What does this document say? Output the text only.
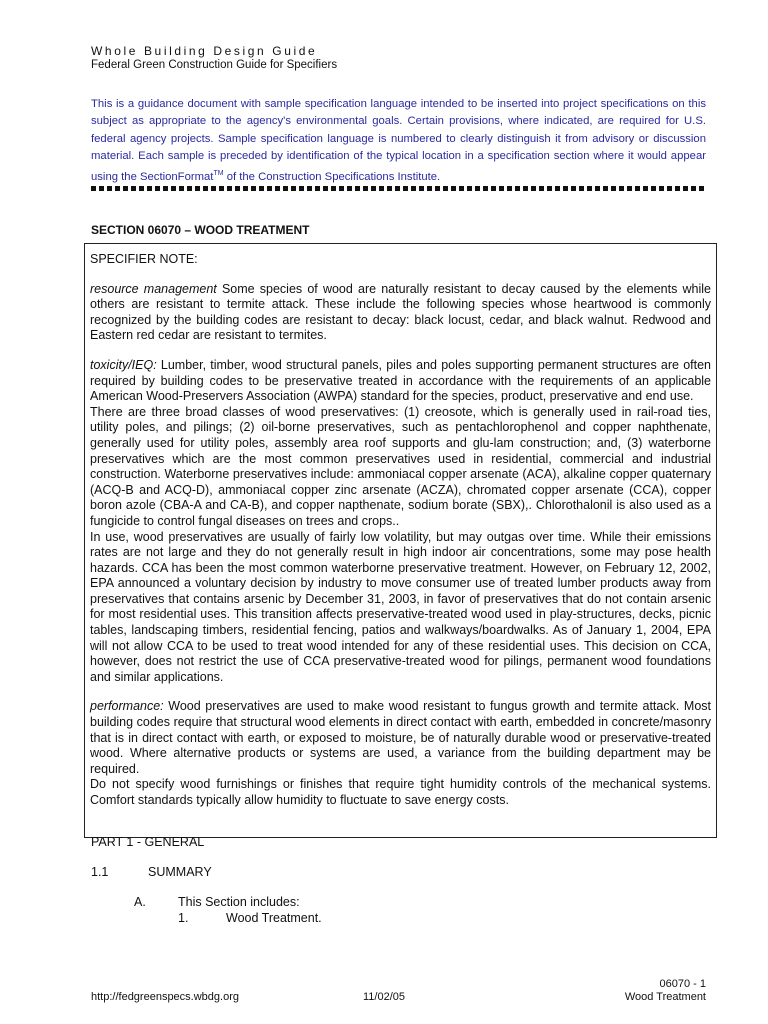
Whole Building Design Guide
Federal Green Construction Guide for Specifiers
This is a guidance document with sample specification language intended to be inserted into project specifications on this subject as appropriate to the agency's environmental goals. Certain provisions, where indicated, are required for U.S. federal agency projects. Sample specification language is numbered to clearly distinguish it from advisory or discussion material. Each sample is preceded by identification of the typical location in a specification section where it would appear using the SectionFormat™ of the Construction Specifications Institute.
SECTION 06070 – WOOD TREATMENT

SPECIFIER NOTE:

resource management Some species of wood are naturally resistant to decay caused by the elements while others are resistant to termite attack. These include the following species whose heartwood is commonly recognized by the building codes are resistant to decay: black locust, cedar, and black walnut. Redwood and Eastern red cedar are resistant to termites.

toxicity/IEQ: Lumber, timber, wood structural panels, piles and poles supporting permanent structures are often required by building codes to be preservative treated in accordance with the requirements of an applicable American Wood-Preservers Association (AWPA) standard for the species, product, preservative and end use.

There are three broad classes of wood preservatives: (1) creosote, which is generally used in rail-road ties, utility poles, and pilings; (2) oil-borne preservatives, such as pentachlorophenol and copper naphthenate, generally used for utility poles, assembly area roof supports and glu-lam construction; and, (3) waterborne preservatives which are the most common preservatives used in residential, commercial and industrial construction. Waterborne preservatives include: ammoniacal copper arsenate (ACA), alkaline copper quaternary (ACQ-B and ACQ-D), ammoniacal copper zinc arsenate (ACZA), chromated copper arsenate (CCA), copper boron azole (CBA-A and CA-B), and copper napthenate, sodium borate (SBX),. Chlorothalonil is also used as a fungicide to control fungal diseases on trees and crops..

In use, wood preservatives are usually of fairly low volatility, but may outgas over time. While their emissions rates are not large and they do not generally result in high indoor air concentrations, some may pose health hazards. CCA has been the most common waterborne preservative treatment. However, on February 12, 2002, EPA announced a voluntary decision by industry to move consumer use of treated lumber products away from preservatives that contains arsenic by December 31, 2003, in favor of preservatives that do not contain arsenic for most residential uses. This transition affects preservative-treated wood used in play-structures, decks, picnic tables, landscaping timbers, residential fencing, patios and walkways/boardwalks. As of January 1, 2004, EPA will not allow CCA to be used to treat wood intended for any of these residential uses. This decision on CCA, however, does not restrict the use of CCA preservative-treated wood for pilings, permanent wood foundations and similar applications.

performance: Wood preservatives are used to make wood resistant to fungus growth and termite attack. Most building codes require that structural wood elements in direct contact with earth, embedded in concrete/masonry that is in direct contact with earth, or exposed to moisture, be of naturally durable wood or preservative-treated wood. Where alternative products or systems are used, a variance from the building department may be required.

Do not specify wood furnishings or finishes that require tight humidity controls of the mechanical systems. Comfort standards typically allow humidity to fluctuate to save energy costs.

PART 1 - GENERAL
1.1	SUMMARY
A.	This Section includes:
1.	Wood Treatment.
http://fedgreenspecs.wbdg.org	11/02/05
06070 - 1
Wood Treatment
